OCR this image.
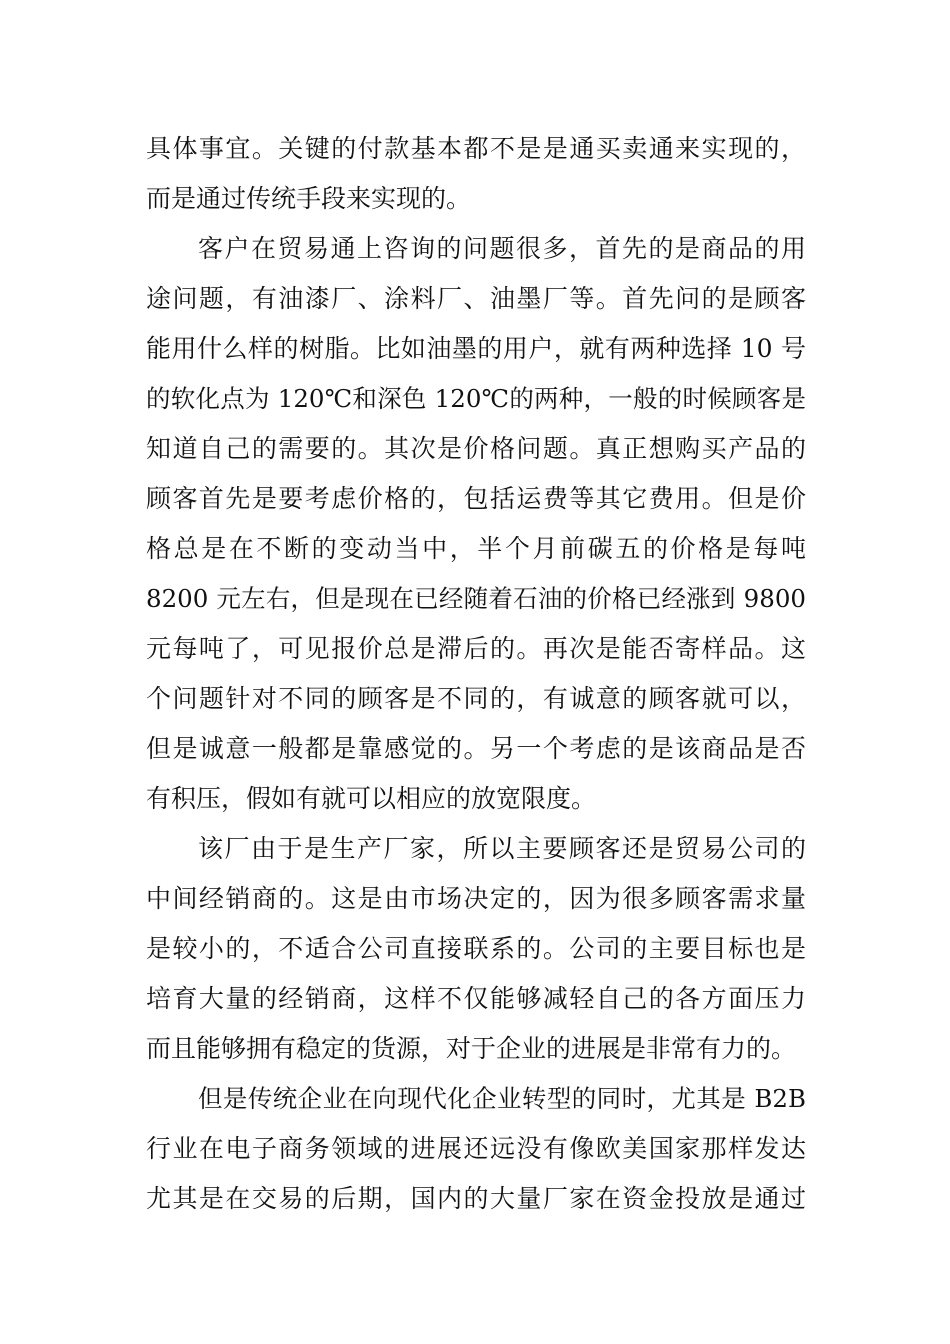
具体事宜。关键的付款基本都不是是通买卖通来实现的，
而是通过传统手段来实现的。
客户在贸易通上咨询的问题很多，首先的是商品的用
途问题，有油漆厂、涂料厂、油墨厂等。首先问的是顾客
能用什么样的树脂。比如油墨的用户，就有两种选择 10 号
的软化点为 120℃和深色 120℃的两种，一般的时候顾客是
知道自己的需要的。其次是价格问题。真正想购买产品的
顾客首先是要考虑价格的，包括运费等其它费用。但是价
格总是在不断的变动当中，半个月前碳五的价格是每吨
8200 元左右，但是现在已经随着石油的价格已经涨到 9800
元每吨了，可见报价总是滞后的。再次是能否寄样品。这
个问题针对不同的顾客是不同的，有诚意的顾客就可以，
但是诚意一般都是靠感觉的。另一个考虑的是该商品是否
有积压，假如有就可以相应的放宽限度。
该厂由于是生产厂家，所以主要顾客还是贸易公司的
中间经销商的。这是由市场决定的，因为很多顾客需求量
是较小的，不适合公司直接联系的。公司的主要目标也是
培育大量的经销商，这样不仅能够减轻自己的各方面压力
而且能够拥有稳定的货源，对于企业的进展是非常有力的。
但是传统企业在向现代化企业转型的同时，尤其是 B2B
行业在电子商务领域的进展还远没有像欧美国家那样发达
尤其是在交易的后期，国内的大量厂家在资金投放是通过
